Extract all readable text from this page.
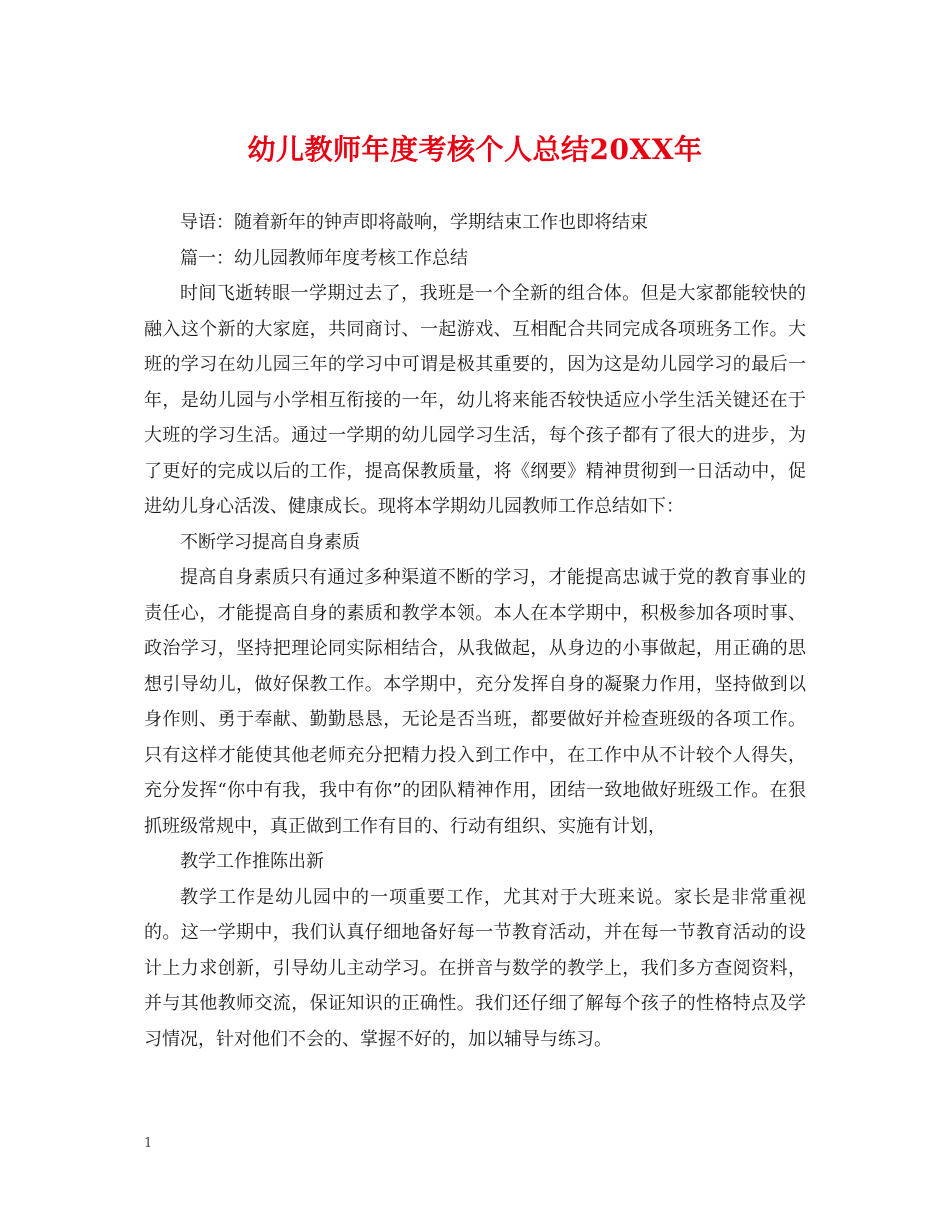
幼儿教师年度考核个人总结20XX年

导语：随着新年的钟声即将敲响，学期结束工作也即将结束

篇一：幼儿园教师年度考核工作总结

时间飞逝转眼一学期过去了，我班是一个全新的组合体。但是大家都能较快的融入这个新的大家庭，共同商讨、一起游戏、互相配合共同完成各项班务工作。大班的学习在幼儿园三年的学习中可谓是极其重要的，因为这是幼儿园学习的最后一年，是幼儿园与小学相互衔接的一年，幼儿将来能否较快适应小学生活关键还在于大班的学习生活。通过一学期的幼儿园学习生活，每个孩子都有了很大的进步，为了更好的完成以后的工作，提高保教质量，将《纲要》精神贯彻到一日活动中，促进幼儿身心活泼、健康成长。现将本学期幼儿园教师工作总结如下：

不断学习提高自身素质

提高自身素质只有通过多种渠道不断的学习，才能提高忠诚于党的教育事业的责任心，才能提高自身的素质和教学本领。本人在本学期中，积极参加各项时事、政治学习，坚持把理论同实际相结合，从我做起，从身边的小事做起，用正确的思想引导幼儿，做好保教工作。本学期中，充分发挥自身的凝聚力作用，坚持做到以身作则、勇于奉献、勤勤恳恳，无论是否当班，都要做好并检查班级的各项工作。只有这样才能使其他老师充分把精力投入到工作中，在工作中从不计较个人得失，充分发挥“你中有我，我中有你”的团队精神作用，团结一致地做好班级工作。在狠抓班级常规中，真正做到工作有目的、行动有组织、实施有计划，

教学工作推陈出新

教学工作是幼儿园中的一项重要工作，尤其对于大班来说。家长是非常重视的。这一学期中，我们认真仔细地备好每一节教育活动，并在每一节教育活动的设计上力求创新，引导幼儿主动学习。在拼音与数学的教学上，我们多方查阅资料，并与其他教师交流，保证知识的正确性。我们还仔细了解每个孩子的性格特点及学习情况，针对他们不会的、掌握不好的，加以辅导与练习。

1
